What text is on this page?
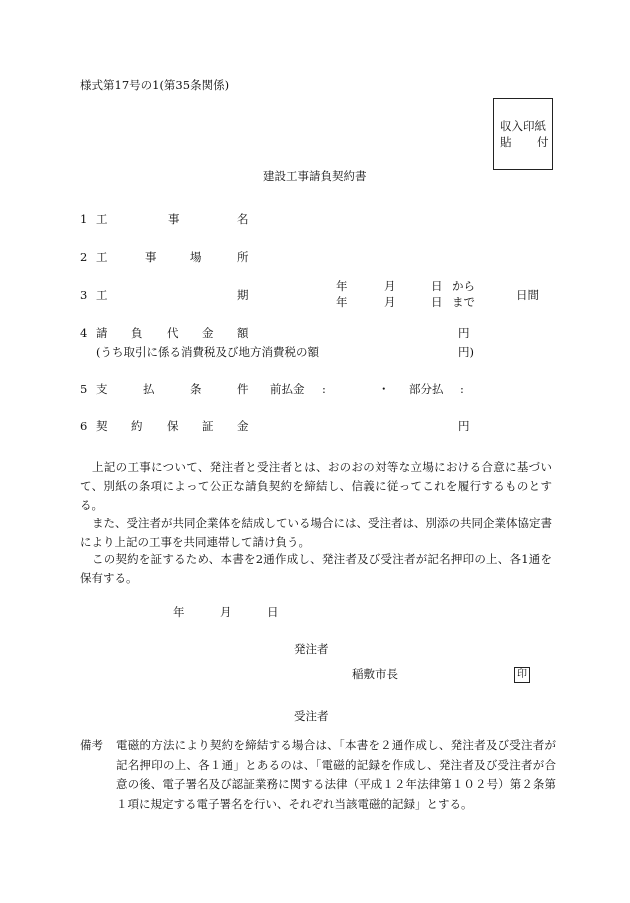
様式第17号の1(第35条関係)
収入印紙
貼 付
建設工事請負契約書
1 工	事	名
2 工	事	場	所
3 工	期
年	月	日 から
年	月	日 まで	日間
4 請 負 代 金 額	円
(うち取引に係る消費税及び地方消費税の額	円)
5 支	払	条	件 前払金 :	・ 部分払 :
6 契 約 保 証 金	円
上記の工事について、発注者と受注者とは、おのおの対等な立場における合意に基づいて、別紙の条項によって公正な請負契約を締結し、信義に従ってこれを履行するものとする。
また、受注者が共同企業体を結成している場合には、受注者は、別添の共同企業体協定書により上記の工事を共同連帯して請け負う。
この契約を証するため、本書を2通作成し、発注者及び受注者が記名押印の上、各1通を保有する。
年	月	日
発注者
稲敷市長	印
受注者
備考 電磁的方法により契約を締結する場合は、「本書を２通作成し、発注者及び受注者が記名押印の上、各１通」とあるのは、「電磁的記録を作成し、発注者及び受注者が合意の後、電子署名及び認証業務に関する法律（平成１２年法律第１０２号）第２条第１項に規定する電子署名を行い、それぞれ当該電磁的記録」とする。
